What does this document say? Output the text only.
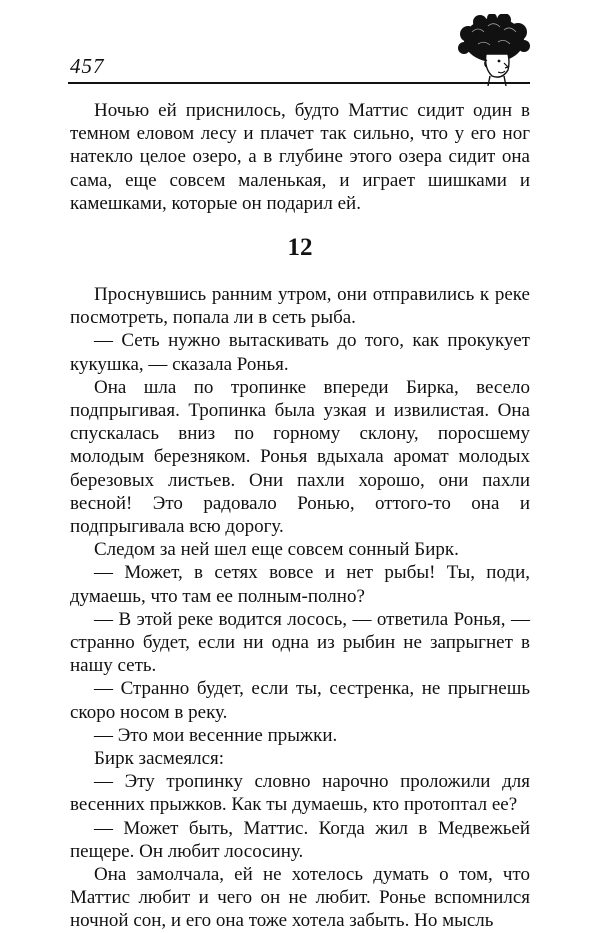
457

Ночью ей приснилось, будто Маттис сидит один в темном еловом лесу и плачет так сильно, что у его ног натекло целое озеро, а в глубине этого озера сидит она сама, еще совсем маленькая, и играет шишками и камешками, которые он подарил ей.

12

Проснувшись ранним утром, они отправились к реке посмотреть, попала ли в сеть рыба.

— Сеть нужно вытаскивать до того, как прокукует кукушка, — сказала Ронья.

Она шла по тропинке впереди Бирка, весело подпрыгивая. Тропинка была узкая и извилистая. Она спускалась вниз по горному склону, поросшему молодым березняком. Ронья вдыхала аромат молодых березовых листьев. Они пахли хорошо, они пахли весной! Это радовало Ронью, оттого-то она и подпрыгивала всю дорогу.

Следом за ней шел еще совсем сонный Бирк.

— Может, в сетях вовсе и нет рыбы! Ты, поди, думаешь, что там ее полным-полно?

— В этой реке водится лосось, — ответила Ронья, — странно будет, если ни одна из рыбин не запрыгнет в нашу сеть.

— Странно будет, если ты, сестренка, не прыгнешь скоро носом в реку.

— Это мои весенние прыжки.

Бирк засмеялся:

— Эту тропинку словно нарочно проложили для весенних прыжков. Как ты думаешь, кто протоптал ее?

— Может быть, Маттис. Когда жил в Медвежьей пещере. Он любит лососину.

Она замолчала, ей не хотелось думать о том, что Маттис любит и чего он не любит. Ронье вспомнился ночной сон, и его она тоже хотела забыть. Но мысль
